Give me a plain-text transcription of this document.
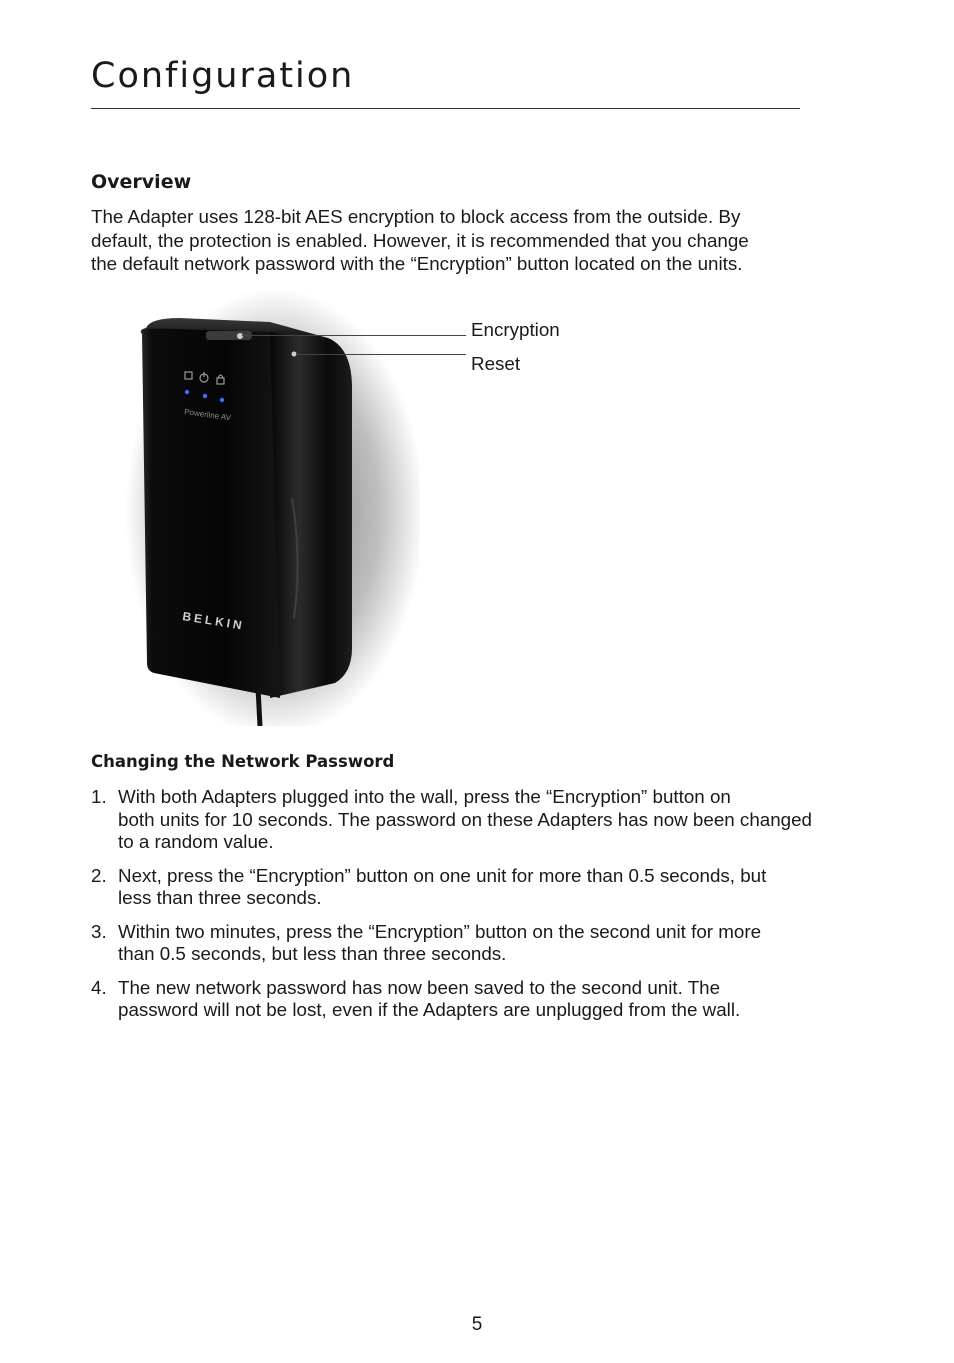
Configuration
Overview

The Adapter uses 128-bit AES encryption to block access from the outside. By
default, the protection is enabled. However, it is recommended that you change
the default network password with the “Encryption” button located on the units.

Powerline AV
BELKIN
Encryption
Reset
Changing the Network Password
1. With both Adapters plugged into the wall, press the “Encryption” button on
both units for 10 seconds. The password on these Adapters has now been changed
to a random value.
2. Next, press the “Encryption” button on one unit for more than 0.5 seconds, but
less than three seconds.
3. Within two minutes, press the “Encryption” button on the second unit for more
than 0.5 seconds, but less than three seconds.
4. The new network password has now been saved to the second unit. The
password will not be lost, even if the Adapters are unplugged from the wall.
5
